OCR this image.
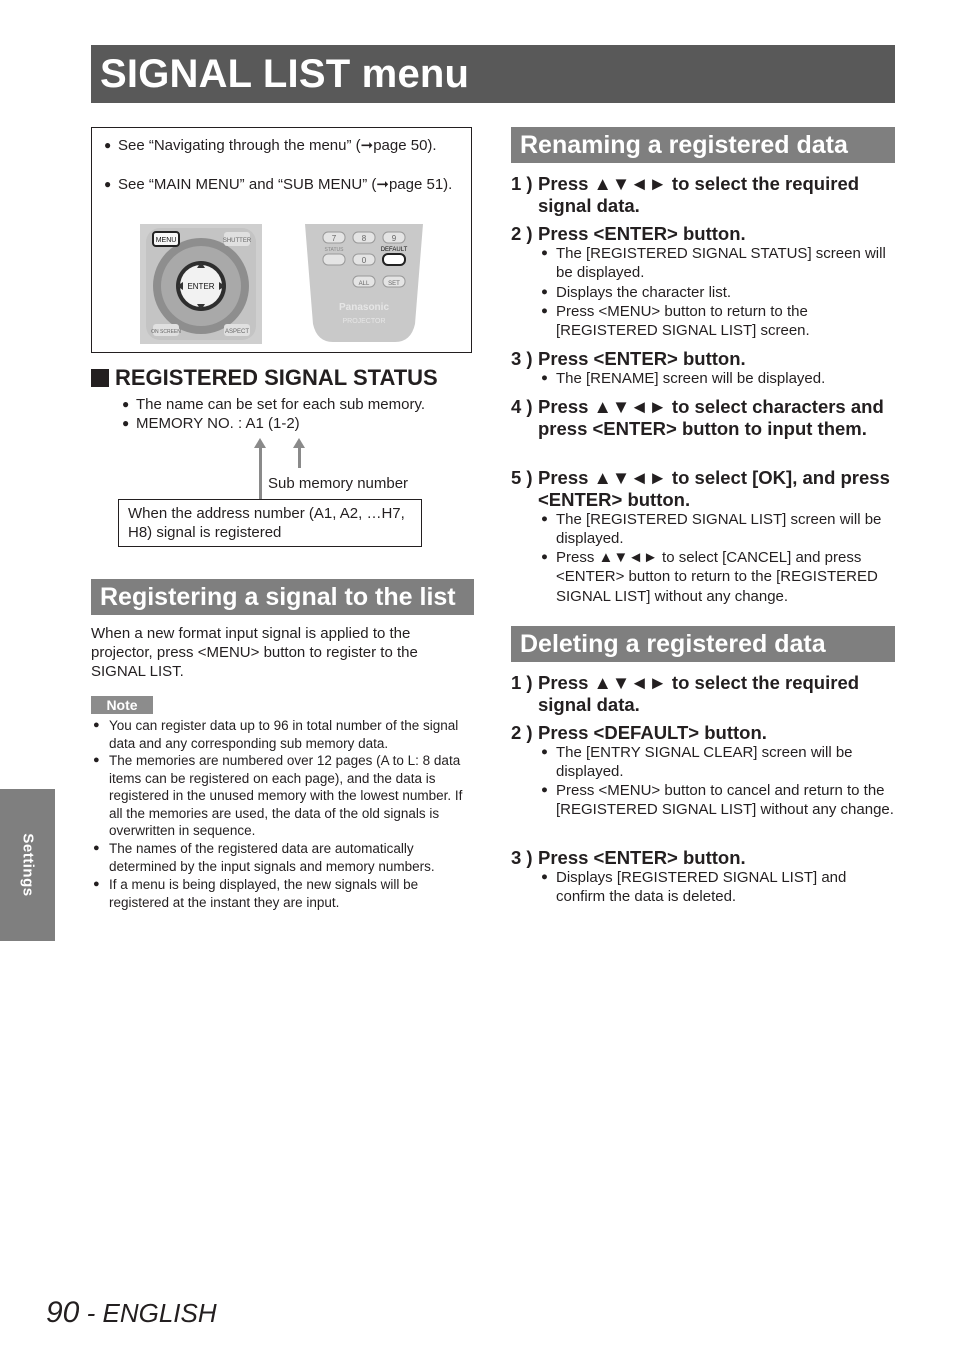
SIGNAL LIST menu
● See “Navigating through the menu” (➞page 50).
● See “MAIN MENU” and “SUB MENU” (➞page 51).
MENU	SHUTTER
ENTER
ON SCREEN	ASPECT
7	8	9
STATUS
0
DEFAULT
ALL	SET
Panasonic
PROJECTOR
REGISTERED SIGNAL STATUS
● The name can be set for each sub memory.
● MEMORY NO. : A1 (1-2)
Sub memory number
When the address number (A1, A2, …H7, H8) signal is registered
Registering a signal to the list
When a new format input signal is applied to the projector, press <MENU> button to register to the SIGNAL LIST.
Note
● You can register data up to 96 in total number of the signal data and any corresponding sub memory data.
● The memories are numbered over 12 pages (A to L: 8 data items can be registered on each page), and the data is registered in the unused memory with the lowest number. If all the memories are used, the data of the old signals is overwritten in sequence.
● The names of the registered data are automatically determined by the input signals and memory numbers.
● If a menu is being displayed, the new signals will be registered at the instant they are input.
Renaming a registered data
1 ) Press ▲▼◄► to select the required signal data.
2 ) Press <ENTER> button.
● The [REGISTERED SIGNAL STATUS] screen will be displayed.
● Displays the character list.
● Press <MENU> button to return to the [REGISTERED SIGNAL LIST] screen.
3 ) Press <ENTER> button.
● The [RENAME] screen will be displayed.
4 ) Press ▲▼◄► to select characters and press <ENTER> button to input them.
5 ) Press ▲▼◄► to select [OK], and press <ENTER> button.
● The [REGISTERED SIGNAL LIST] screen will be displayed.
● Press ▲▼◄► to select [CANCEL] and press <ENTER> button to return to the [REGISTERED SIGNAL LIST] without any change.
Deleting a registered data
1 ) Press ▲▼◄► to select the required signal data.
2 ) Press <DEFAULT> button.
● The [ENTRY SIGNAL CLEAR] screen will be displayed.
● Press <MENU> button to cancel and return to the [REGISTERED SIGNAL LIST] without any change.
3 ) Press <ENTER> button.
● Displays [REGISTERED SIGNAL LIST] and confirm the data is deleted.
Settings
90 - ENGLISH
